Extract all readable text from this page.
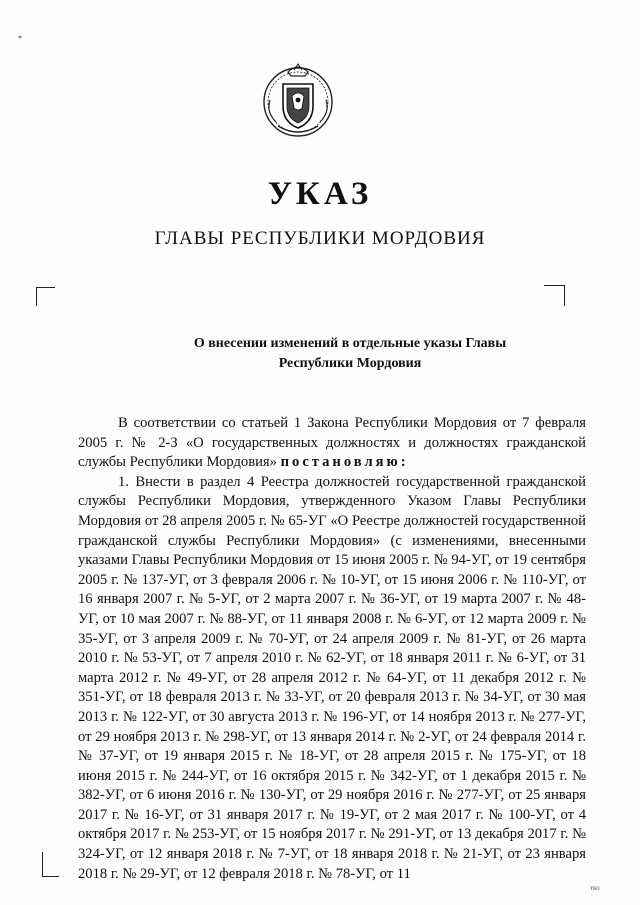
*
УКАЗ
ГЛАВЫ РЕСПУБЛИКИ МОРДОВИЯ
О внесении изменений в отдельные указы Главы
Республики Мордовия

В соответствии со статьей 1 Закона Республики Мордовия от 7 февраля 2005 г. № 2-З «О государственных должностях и должностях гражданской службы Республики Мордовия» постановляю:

1. Внести в раздел 4 Реестра должностей государственной гражданской службы Республики Мордовия, утвержденного Указом Главы Республики Мордовия от 28 апреля 2005 г. № 65-УГ «О Реестре должностей государственной гражданской службы Республики Мордовия» (с изменениями, внесенными указами Главы Республики Мордовия от 15 июня 2005 г. № 94-УГ, от 19 сентября 2005 г. № 137-УГ, от 3 февраля 2006 г. № 10-УГ, от 15 июня 2006 г. № 110-УГ, от 16 января 2007 г. № 5-УГ, от 2 марта 2007 г. № 36-УГ, от 19 марта 2007 г. № 48-УГ, от 10 мая 2007 г. № 88-УГ, от 11 января 2008 г. № 6-УГ, от 12 марта 2009 г. № 35-УГ, от 3 апреля 2009 г. № 70-УГ, от 24 апреля 2009 г. № 81-УГ, от 26 марта 2010 г. № 53-УГ, от 7 апреля 2010 г. № 62-УГ, от 18 января 2011 г. № 6-УГ, от 31 марта 2012 г. № 49-УГ, от 28 апреля 2012 г. № 64-УГ, от 11 декабря 2012 г. № 351-УГ, от 18 февраля 2013 г. № 33-УГ, от 20 февраля 2013 г. № 34-УГ, от 30 мая 2013 г. № 122-УГ, от 30 августа 2013 г. № 196-УГ, от 14 ноября 2013 г. № 277-УГ, от 29 ноября 2013 г. № 298-УГ, от 13 января 2014 г. № 2-УГ, от 24 февраля 2014 г. № 37-УГ, от 19 января 2015 г. № 18-УГ, от 28 апреля 2015 г. № 175-УГ, от 18 июня 2015 г. № 244-УГ, от 16 октября 2015 г. № 342-УГ, от 1 декабря 2015 г. № 382-УГ, от 6 июня 2016 г. № 130-УГ, от 29 ноября 2016 г. № 277-УГ, от 25 января 2017 г. № 16-УГ, от 31 января 2017 г. № 19-УГ, от 2 мая 2017 г. № 100-УГ, от 4 октября 2017 г. № 253-УГ, от 15 ноября 2017 г. № 291-УГ, от 13 декабря 2017 г. № 324-УГ, от 12 января 2018 г. № 7-УГ, от 18 января 2018 г. № 21-УГ, от 23 января 2018 г. № 29-УГ, от 12 февраля 2018 г. № 78-УГ, от 11

тко
